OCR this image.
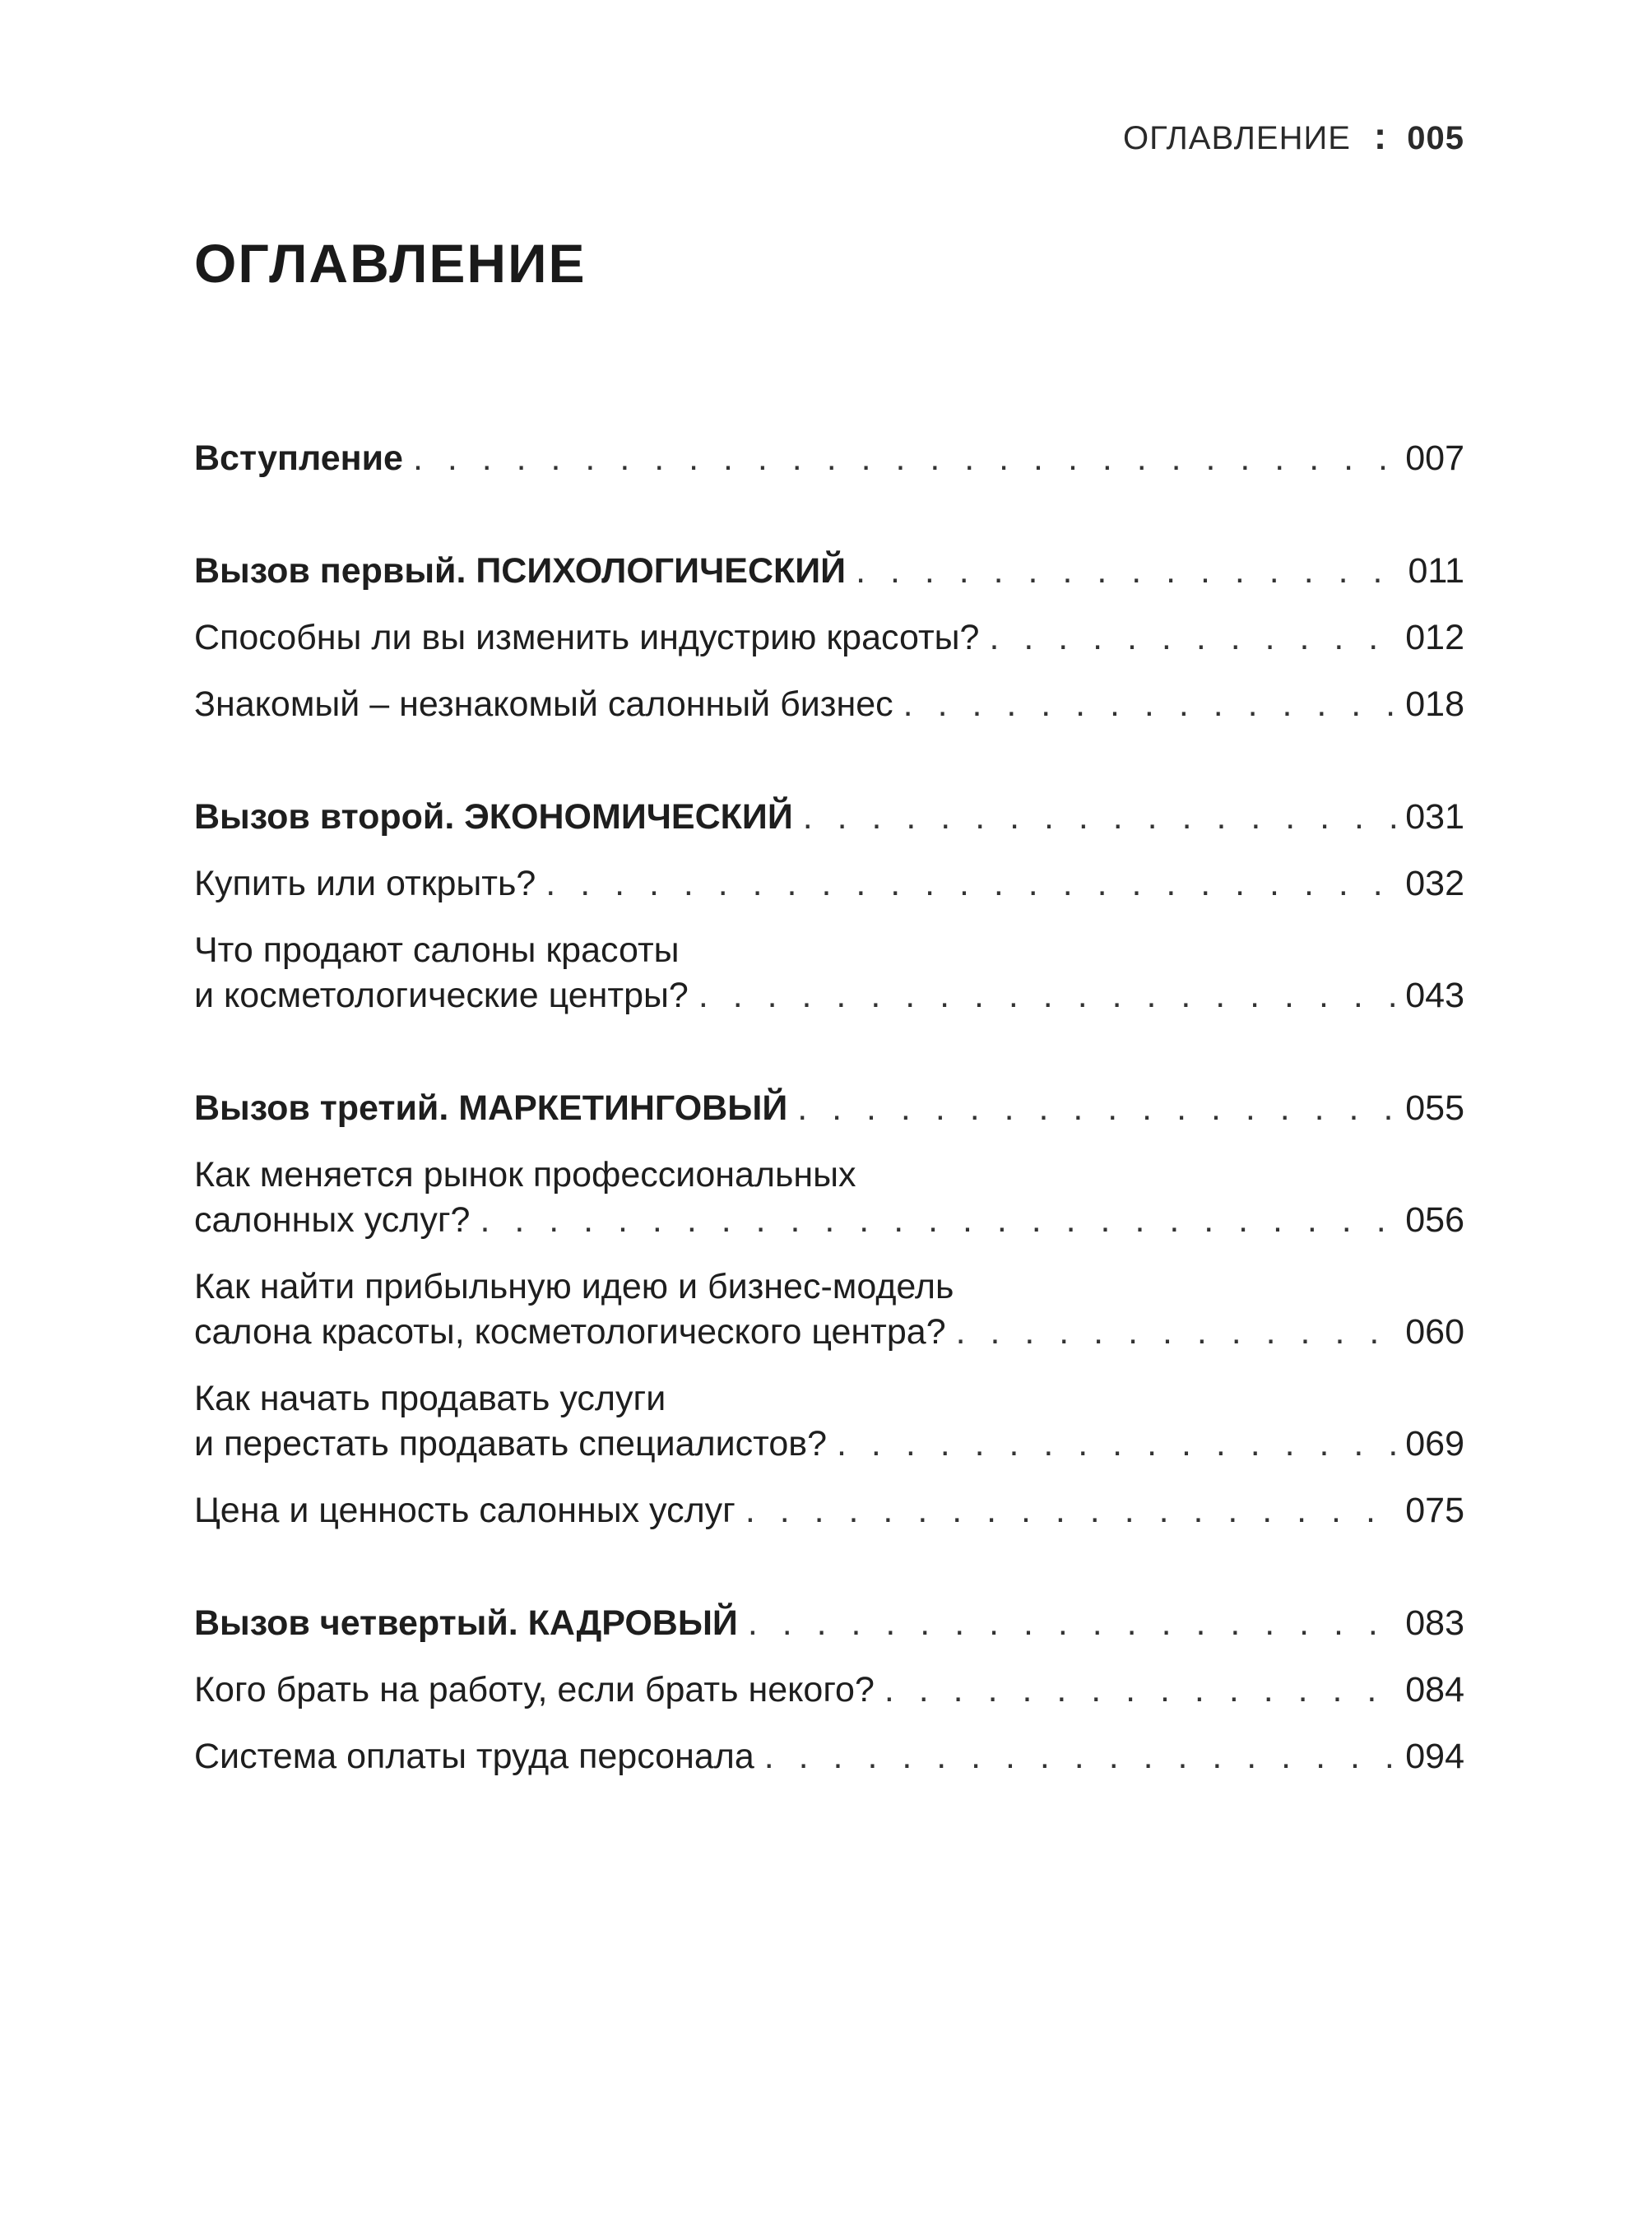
ОГЛАВЛЕНИЕ : 005
ОГЛАВЛЕНИЕ
Вступление . . .	007
Вызов первый. ПСИХОЛОГИЧЕСКИЙ . . .	011
Способны ли вы изменить индустрию красоты? . . .	012
Знакомый – незнакомый салонный бизнес . . .	018
Вызов второй. ЭКОНОМИЧЕСКИЙ . . .	031
Купить или открыть? . . .	032
Что продают салоны красоты
и косметологические центры? . . .	043
Вызов третий. МАРКЕТИНГОВЫЙ . . .	055
Как меняется рынок профессиональных
салонных услуг? . . .	056
Как найти прибыльную идею и бизнес-модель
салона красоты, косметологического центра? . . .	060
Как начать продавать услуги
и перестать продавать специалистов? . . .	069
Цена и ценность салонных услуг . . .	075
Вызов четвертый. КАДРОВЫЙ . . .	083
Кого брать на работу, если брать некого? . . .	084
Система оплаты труда персонала . . .	094
